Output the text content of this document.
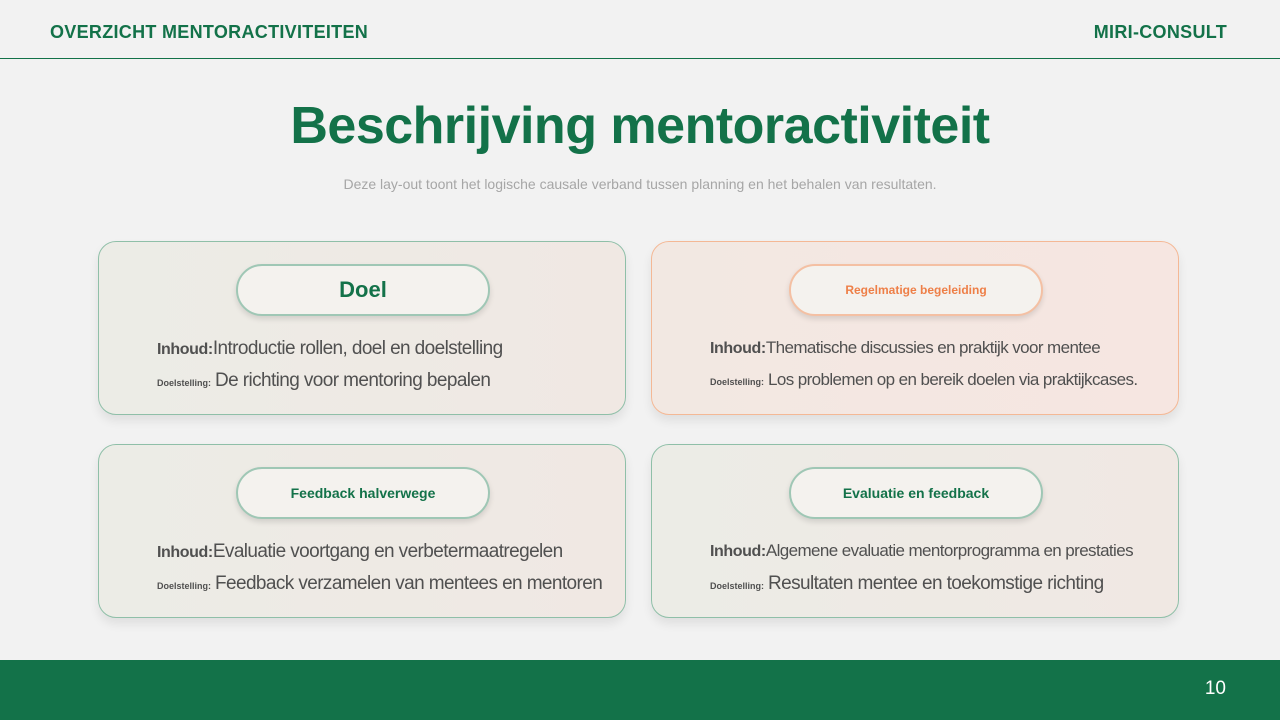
OVERZICHT MENTORACTIVITEITEN	MIRI-CONSULT
Beschrijving mentoractiviteit
Deze lay-out toont het logische causale verband tussen planning en het behalen van resultaten.
Doel
Inhoud: Introductie rollen, doel en doelstelling
Doelstelling: De richting voor mentoring bepalen
Regelmatige begeleiding
Inhoud: Thematische discussies en praktijk voor mentee
Doelstelling: Los problemen op en bereik doelen via praktijkcases.
Feedback halverwege
Inhoud: Evaluatie voortgang en verbetermaatregelen
Doelstelling: Feedback verzamelen van mentees en mentoren
Evaluatie en feedback
Inhoud: Algemene evaluatie mentorprogramma en prestaties
Doelstelling: Resultaten mentee en toekomstige richting
10
